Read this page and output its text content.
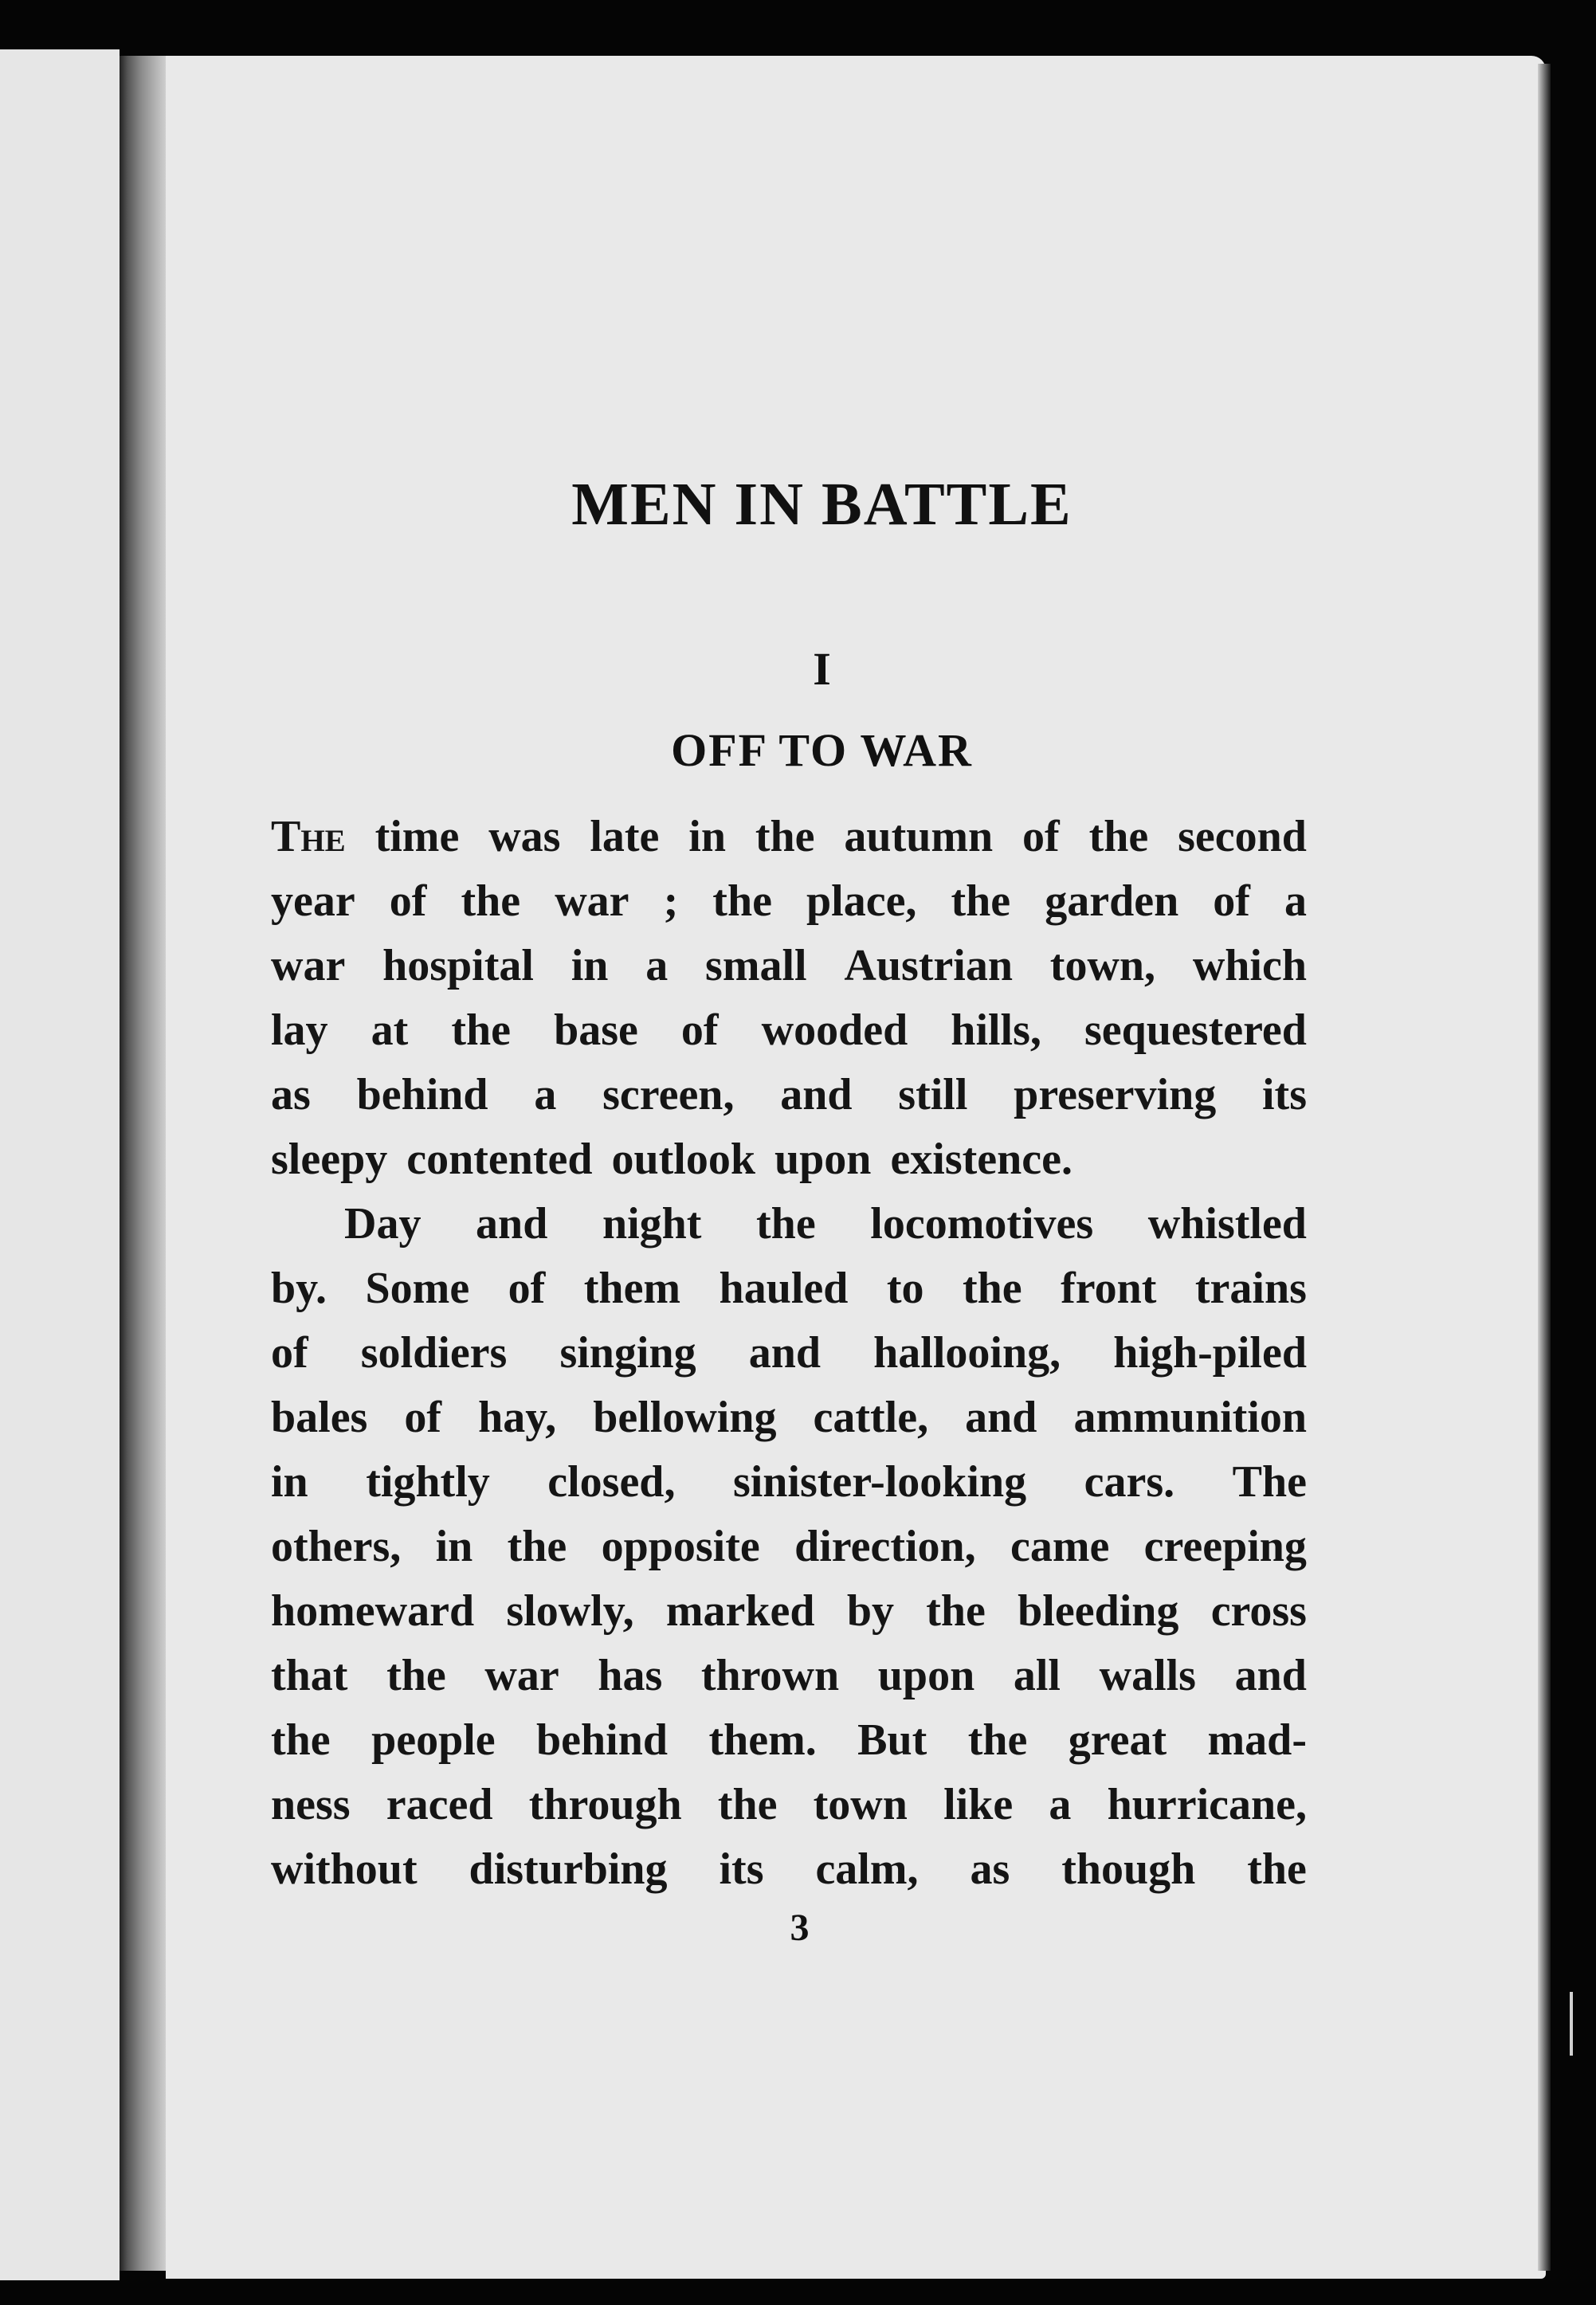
MEN IN BATTLE
I
OFF TO WAR
The time was late in the autumn of the second
year of the war ; the place, the garden of a
war hospital in a small Austrian town, which
lay at the base of wooded hills, sequestered
as behind a screen, and still preserving its
sleepy contented outlook upon existence.
Day and night the locomotives whistled
by. Some of them hauled to the front trains
of soldiers singing and hallooing, high-piled
bales of hay, bellowing cattle, and ammunition
in tightly closed, sinister-looking cars. The
others, in the opposite direction, came creeping
homeward slowly, marked by the bleeding cross
that the war has thrown upon all walls and
the people behind them. But the great mad-
ness raced through the town like a hurricane,
without disturbing its calm, as though the
3
